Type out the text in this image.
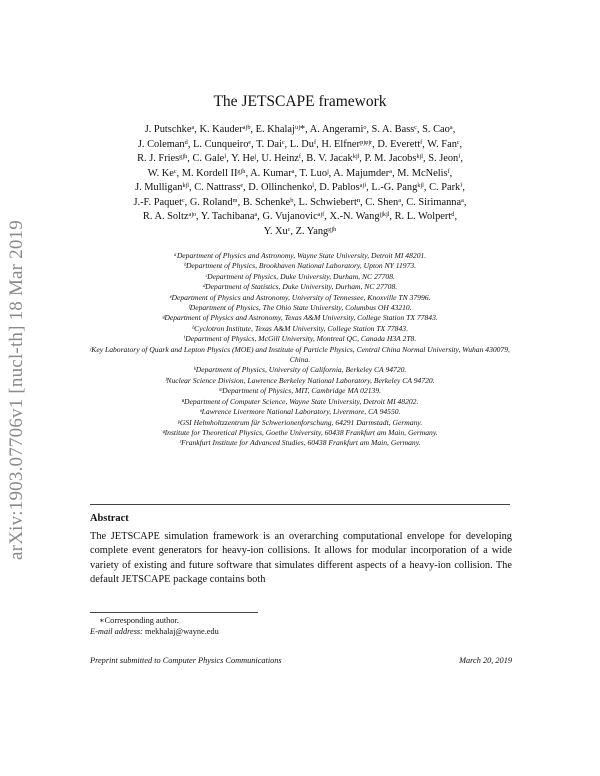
arXiv:1903.07706v1 [nucl-th] 18 Mar 2019
The JETSCAPE framework
J. Putschkeᵃ, K. Kauderᵃʲᵇ, E. Khalajᵘʲ*, A. Angeramiᵒ, S. A. Bassᶜ, S. Caoᵃ,
J. Colemanᵈ, L. Cunqueiroᵉ, T. Daiᶜ, L. Duᶠ, H. Elfnerᵖʲᵠʲʳ, D. Everettᶠ, W. Fanᶜ,
R. J. Friesᵍʲʰ, C. Galeⁱ, Y. Heʲ, U. Heinzᶠ, B. V. Jacakᵏʲˡ, P. M. Jacobsᵏʲˡ, S. Jeonⁱ,
W. Keᶜ, M. Kordell IIᵍʲʰ, A. Kumarᵃ, T. Luoʲ, A. Majumderᵃ, M. McNelisᶠ,
J. Mulliganᵏʲˡ, C. Nattrassᵉ, D. Ollinchenkoˡ, D. Pablosᵃʲⁱ, L.-G. Pangᵏʲˡ, C. Parkⁱ,
J.-F. Paquetᶜ, G. Rolandᵐ, B. Schenkeᵇ, L. Schwiebertⁿ, C. Shenᵃ, C. Sirimannaᵃ,
R. A. Soltzᵃʲᵒ, Y. Tachibanaᵃ, G. Vujanovicᵃʲᶠ, X.-N. Wangʲʲᵏʲˡ, R. L. Wolpertᵈ,
Y. Xuᶜ, Z. Yangᵍʲʰ
ᵃDepartment of Physics and Astronomy, Wayne State University, Detroit MI 48201.
ᵇDepartment of Physics, Brookhaven National Laboratory, Upton NY 11973.
ᶜDepartment of Physics, Duke University, Durham, NC 27708.
ᵈDepartment of Statistics, Duke University, Durham, NC 27708.
ᵉDepartment of Physics and Astronomy, University of Tennessee, Knoxville TN 37996.
ᶠDepartment of Physics, The Ohio State University, Columbus OH 43210.
ᵍDepartment of Physics and Astronomy, Texas A&M University, College Station TX 77843.
ʰCyclotron Institute, Texas A&M University, College Station TX 77843.
ⁱDepartment of Physics, McGill University, Montreal QC, Canada H3A 2T8.
ʲKey Laboratory of Quark and Lepton Physics (MOE) and Institute of Particle Physics, Central China Normal University, Wuhan 430079, China.
ᵏDepartment of Physics, University of California, Berkeley CA 94720.
ˡNuclear Science Division, Lawrence Berkeley National Laboratory, Berkeley CA 94720.
ᵐDepartment of Physics, MIT, Cambridge MA 02139.
ⁿDepartment of Computer Science, Wayne State University, Detroit MI 48202.
ᵒLawrence Livermore National Laboratory, Livermore, CA 94550.
ᵖGSI Helmholtzzentrum für Schwerionenforschung, 64291 Darmstadt, Germany.
ᵠInstitute for Theoretical Physics, Goethe University, 60438 Frankfurt am Main, Germany.
ʳFrankfurt Institute for Advanced Studies, 60438 Frankfurt am Main, Germany.
Abstract
The JETSCAPE simulation framework is an overarching computational envelope for developing complete event generators for heavy-ion collisions. It allows for modular incorporation of a wide variety of existing and future software that simulates different aspects of a heavy-ion collision. The default JETSCAPE package contains both
∗Corresponding author.
E-mail address: mekhalaj@wayne.edu
Preprint submitted to Computer Physics Communications	March 20, 2019
